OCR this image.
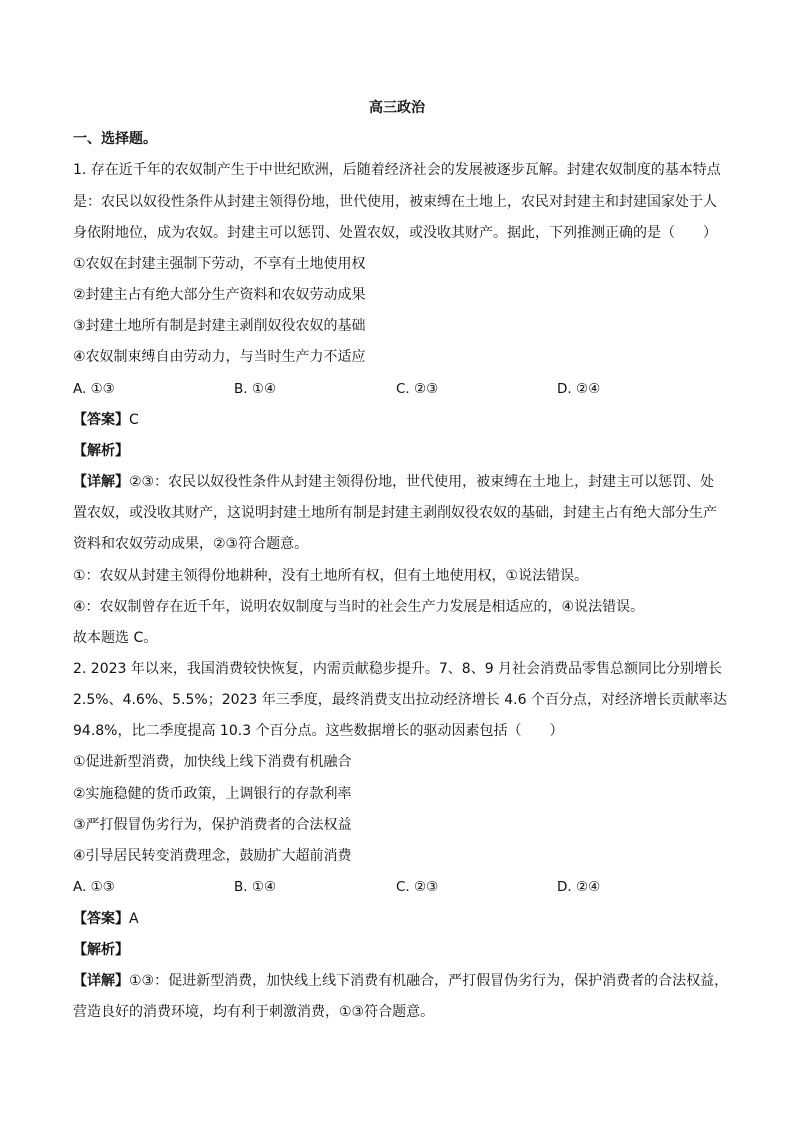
高三政治
一、选择题。
1. 存在近千年的农奴制产生于中世纪欧洲，后随着经济社会的发展被逐步瓦解。封建农奴制度的基本特点
是：农民以奴役性条件从封建主领得份地，世代使用，被束缚在土地上，农民对封建主和封建国家处于人
身依附地位，成为农奴。封建主可以惩罚、处置农奴，或没收其财产。据此，下列推测正确的是（　　）
①农奴在封建主强制下劳动，不享有土地使用权
②封建主占有绝大部分生产资料和农奴劳动成果
③封建土地所有制是封建主剥削奴役农奴的基础
④农奴制束缚自由劳动力，与当时生产力不适应
A. ①③	B. ①④	C. ②③	D. ②④
【答案】C
【解析】
【详解】②③：农民以奴役性条件从封建主领得份地，世代使用，被束缚在土地上，封建主可以惩罚、处
置农奴，或没收其财产，这说明封建土地所有制是封建主剥削奴役农奴的基础，封建主占有绝大部分生产
资料和农奴劳动成果，②③符合题意。
①：农奴从封建主领得份地耕种，没有土地所有权，但有土地使用权，①说法错误。
④：农奴制曾存在近千年，说明农奴制度与当时的社会生产力发展是相适应的，④说法错误。
故本题选 C。
2. 2023 年以来，我国消费较快恢复，内需贡献稳步提升。7、8、9 月社会消费品零售总额同比分别增长
2.5%、4.6%、5.5%；2023 年三季度，最终消费支出拉动经济增长 4.6 个百分点，对经济增长贡献率达
94.8%，比二季度提高 10.3 个百分点。这些数据增长的驱动因素包括（　　）
①促进新型消费，加快线上线下消费有机融合
②实施稳健的货币政策，上调银行的存款利率
③严打假冒伪劣行为，保护消费者的合法权益
④引导居民转变消费理念，鼓励扩大超前消费
A. ①③	B. ①④	C. ②③	D. ②④
【答案】A
【解析】
【详解】①③：促进新型消费，加快线上线下消费有机融合，严打假冒伪劣行为，保护消费者的合法权益，
营造良好的消费环境，均有利于刺激消费，①③符合题意。
